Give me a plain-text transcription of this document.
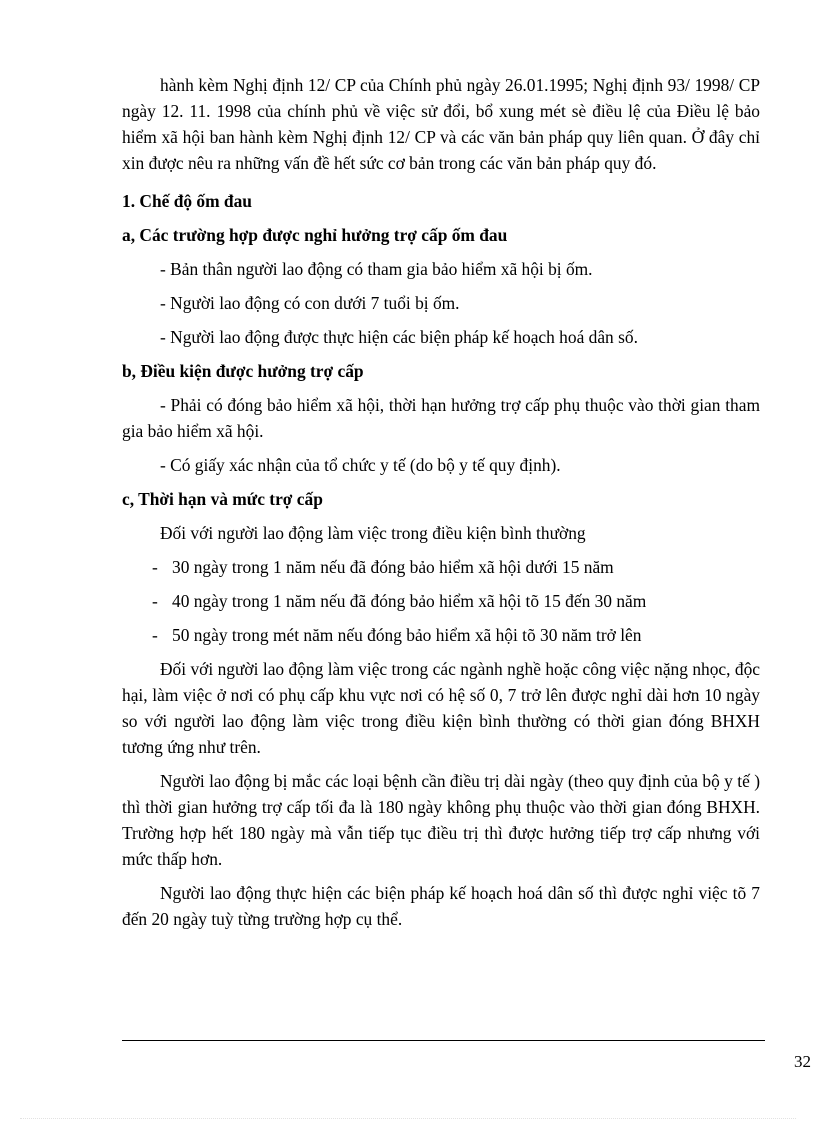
hành kèm Nghị định 12/ CP của Chính phủ ngày 26.01.1995; Nghị định 93/ 1998/ CP ngày 12. 11. 1998 của chính phủ về việc sử đổi, bổ xung mét sè điều lệ của Điều lệ bảo hiểm xã hội ban hành kèm Nghị định 12/ CP và các văn bản pháp quy liên quan. Ở đây chỉ xin được nêu ra những vấn đề hết sức cơ bản trong các văn bản pháp quy đó.

1. Chế độ ốm đau

a, Các trường hợp được nghỉ hưởng trợ cấp ốm đau

- Bản thân người lao động có tham gia bảo hiểm xã hội bị ốm.

- Người lao động có con dưới 7 tuổi bị ốm.

- Người lao động được thực hiện các biện pháp kế hoạch hoá dân số.

b, Điều kiện được hưởng trợ cấp

- Phải có đóng bảo hiểm xã hội, thời hạn hưởng trợ cấp phụ thuộc vào thời gian tham gia bảo hiểm xã hội.

- Có giấy xác nhận của tổ chức y tế (do bộ y tế quy định).

c, Thời hạn và mức trợ cấp

Đối với người lao động làm việc trong điều kiện bình thường

- 30 ngày trong 1 năm nếu đã đóng bảo hiểm xã hội dưới 15 năm

- 40 ngày trong 1 năm nếu đã đóng bảo hiểm xã hội tõ 15 đến 30 năm

- 50 ngày trong mét năm nếu đóng bảo hiểm xã hội tõ 30 năm trở lên

Đối với người lao động làm việc trong các ngành nghề hoặc công việc nặng nhọc, độc hại, làm việc ở nơi có phụ cấp khu vực nơi có hệ số 0, 7 trở lên được nghỉ dài hơn 10 ngày so với người lao động làm việc trong điều kiện bình thường có thời gian đóng BHXH tương ứng như trên.

Người lao động bị mắc các loại bệnh cần điều trị dài ngày (theo quy định của bộ y tế ) thì thời gian hưởng trợ cấp tối đa là 180 ngày không phụ thuộc vào thời gian đóng BHXH. Trường hợp hết 180 ngày mà vẫn tiếp tục điều trị thì được hưởng tiếp trợ cấp nhưng với mức thấp hơn.

Người lao động thực hiện các biện pháp kế hoạch hoá dân số thì được nghỉ việc tõ 7 đến 20 ngày tuỳ từng trường hợp cụ thể.

32
